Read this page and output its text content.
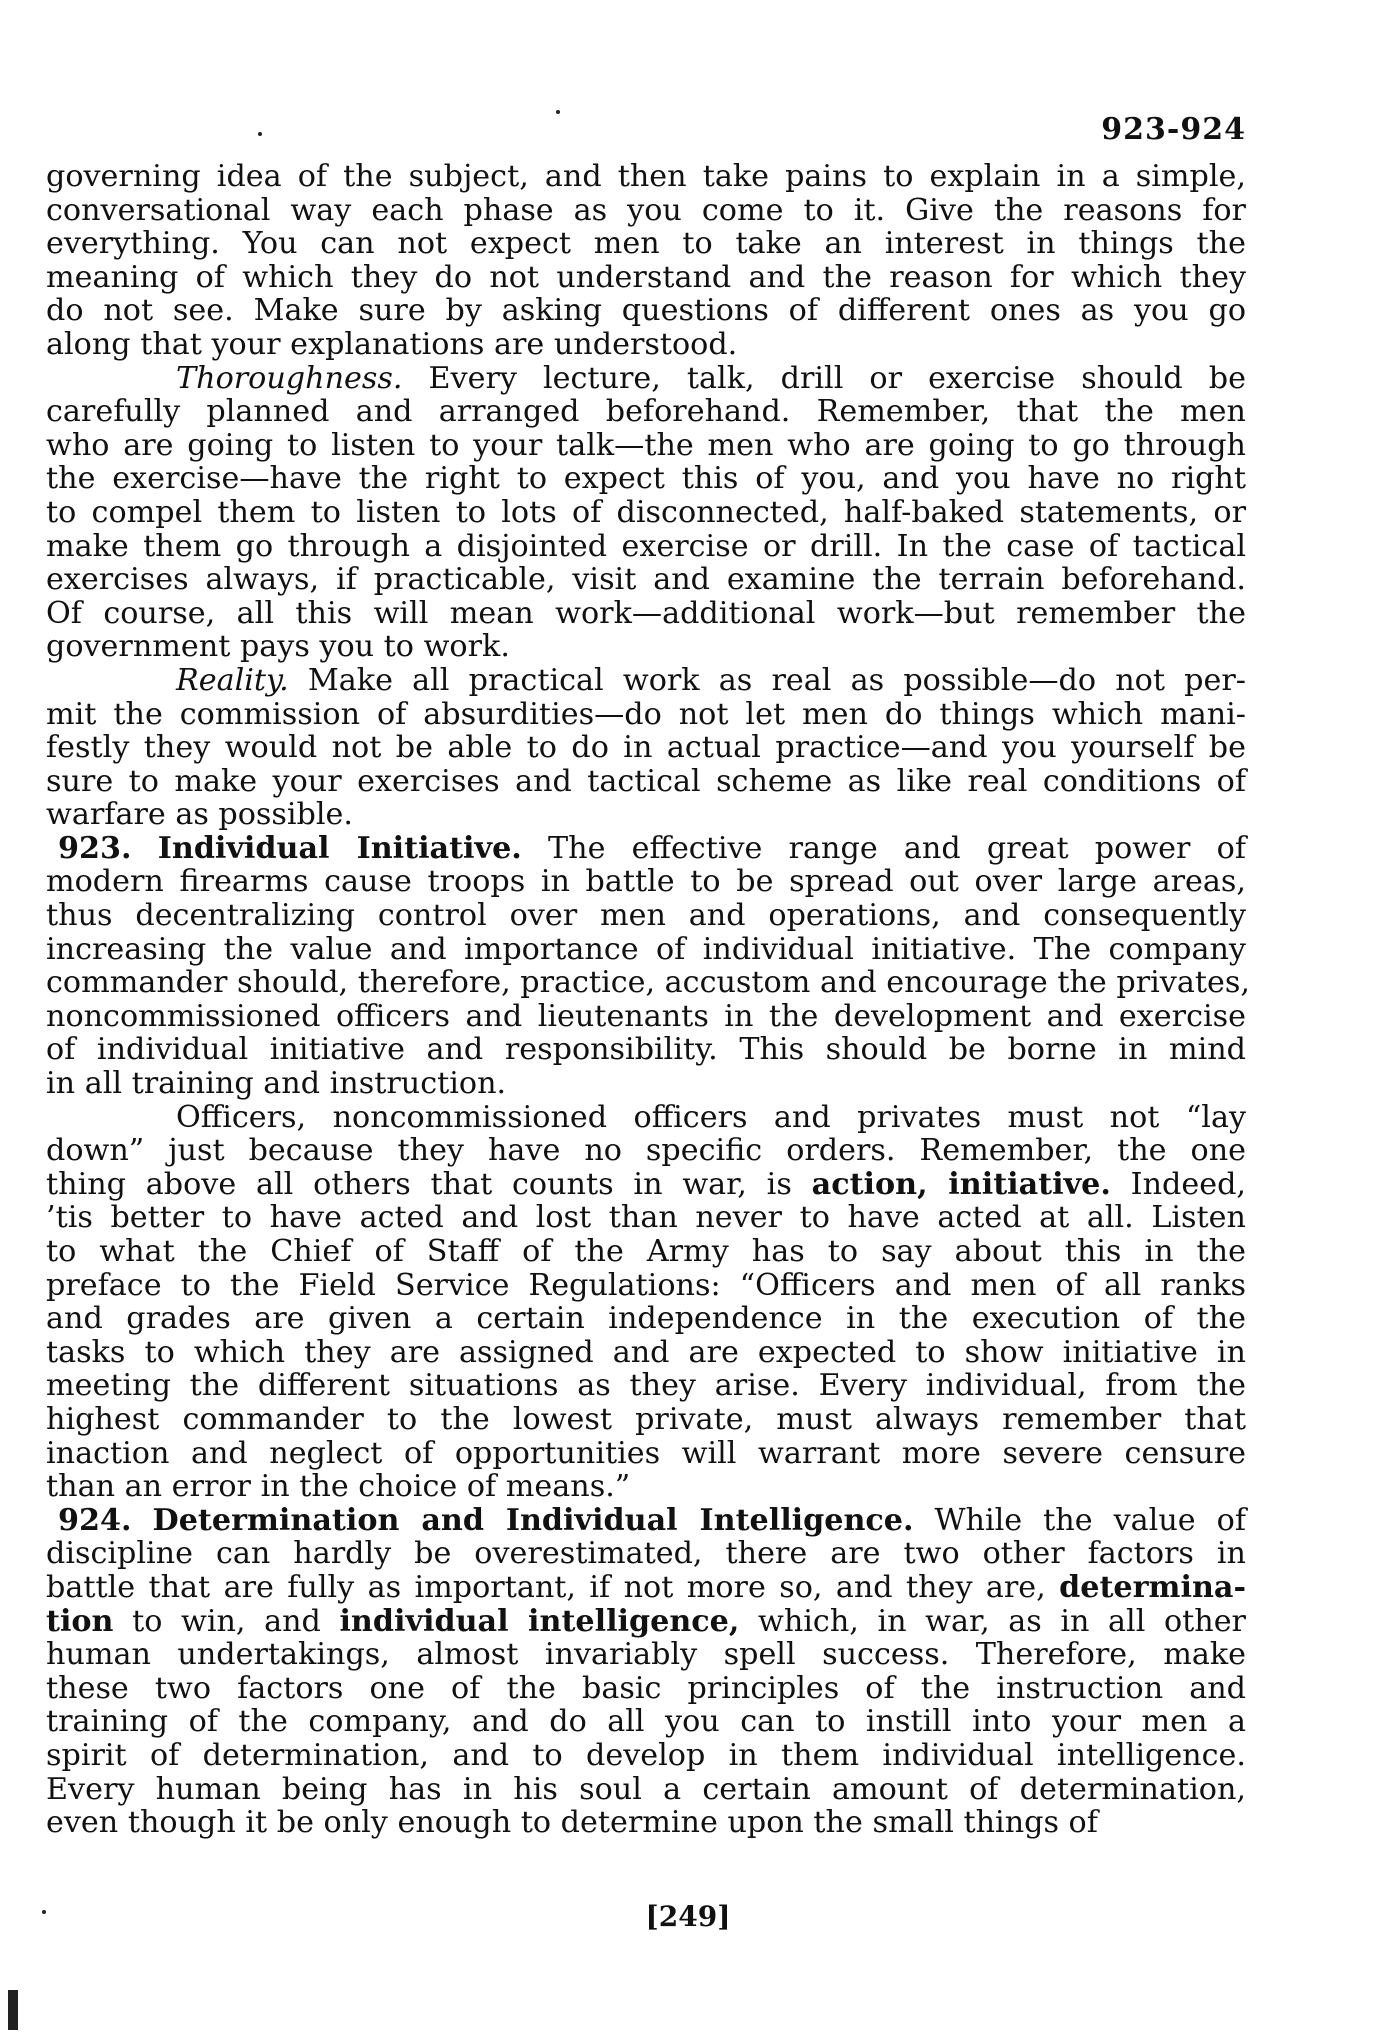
923-924
governing idea of the subject, and then take pains to explain in a simple,
conversational way each phase as you come to it. Give the reasons for
everything. You can not expect men to take an interest in things the
meaning of which they do not understand and the reason for which they
do not see. Make sure by asking questions of different ones as you go
along that your explanations are understood.
Thoroughness. Every lecture, talk, drill or exercise should be
carefully planned and arranged beforehand. Remember, that the men
who are going to listen to your talk—the men who are going to go through
the exercise—have the right to expect this of you, and you have no right
to compel them to listen to lots of disconnected, half-baked statements, or
make them go through a disjointed exercise or drill. In the case of tactical
exercises always, if practicable, visit and examine the terrain beforehand.
Of course, all this will mean work—additional work—but remember the
government pays you to work.
Reality. Make all practical work as real as possible—do not per-
mit the commission of absurdities—do not let men do things which mani-
festly they would not be able to do in actual practice—and you yourself be
sure to make your exercises and tactical scheme as like real conditions of
warfare as possible.
923. Individual Initiative. The effective range and great power of
modern firearms cause troops in battle to be spread out over large areas,
thus decentralizing control over men and operations, and consequently
increasing the value and importance of individual initiative. The company
commander should, therefore, practice, accustom and encourage the privates,
noncommissioned officers and lieutenants in the development and exercise
of individual initiative and responsibility. This should be borne in mind
in all training and instruction.
Officers, noncommissioned officers and privates must not “lay
down” just because they have no specific orders. Remember, the one
thing above all others that counts in war, is action, initiative. Indeed,
’tis better to have acted and lost than never to have acted at all. Listen
to what the Chief of Staff of the Army has to say about this in the
preface to the Field Service Regulations: “Officers and men of all ranks
and grades are given a certain independence in the execution of the
tasks to which they are assigned and are expected to show initiative in
meeting the different situations as they arise. Every individual, from the
highest commander to the lowest private, must always remember that
inaction and neglect of opportunities will warrant more severe censure
than an error in the choice of means.”
924. Determination and Individual Intelligence. While the value of
discipline can hardly be overestimated, there are two other factors in
battle that are fully as important, if not more so, and they are, determina-
tion to win, and individual intelligence, which, in war, as in all other
human undertakings, almost invariably spell success. Therefore, make
these two factors one of the basic principles of the instruction and
training of the company, and do all you can to instill into your men a
spirit of determination, and to develop in them individual intelligence.
Every human being has in his soul a certain amount of determination,
even though it be only enough to determine upon the small things of
[249]
